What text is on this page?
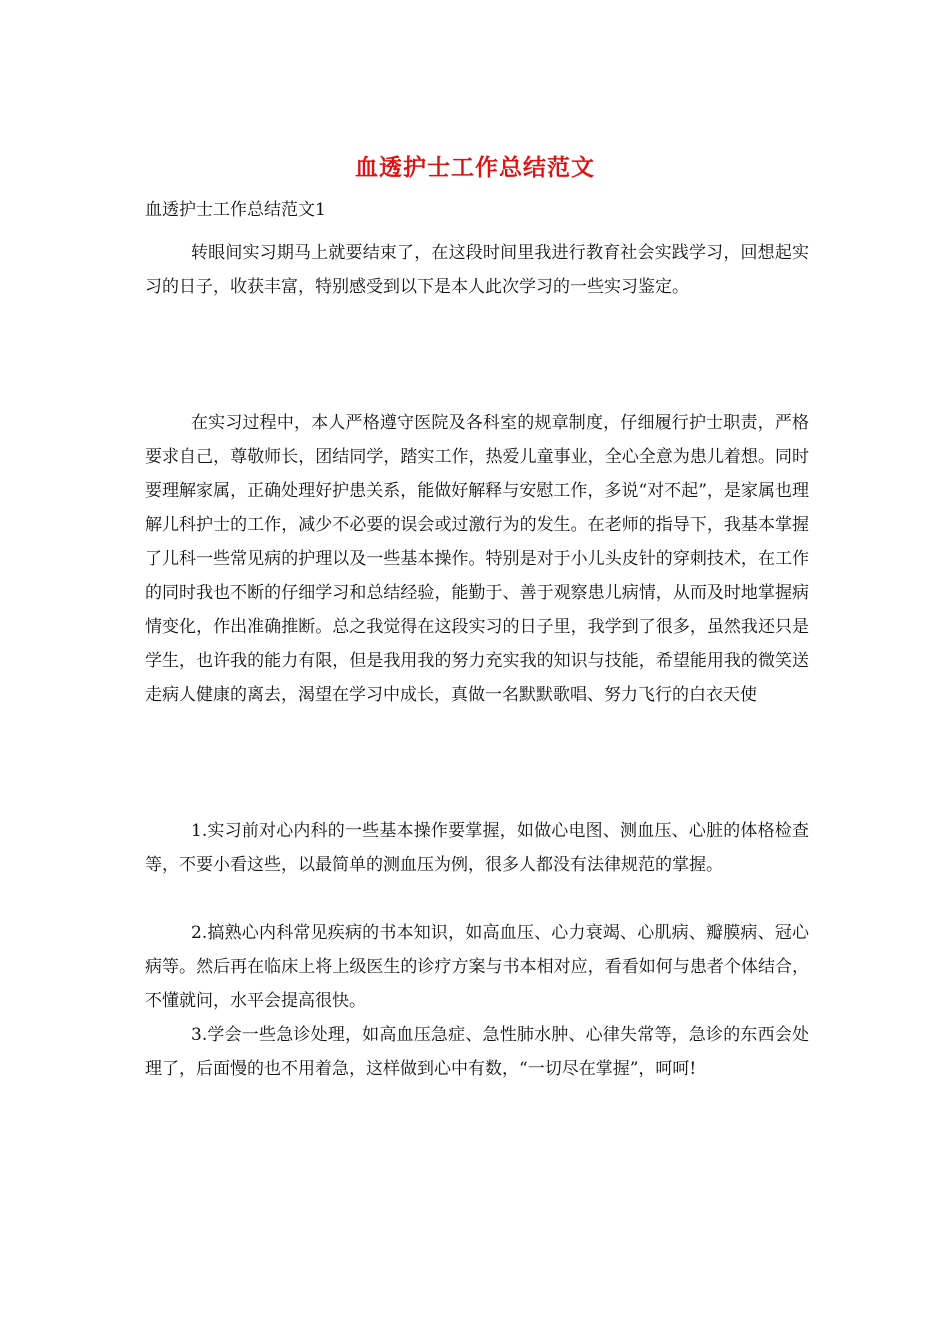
血透护士工作总结范文
血透护士工作总结范文1

转眼间实习期马上就要结束了，在这段时间里我进行教育社会实践学习，回想起实习的日子，收获丰富，特别感受到以下是本人此次学习的一些实习鉴定。

在实习过程中，本人严格遵守医院及各科室的规章制度，仔细履行护士职责，严格要求自己，尊敬师长，团结同学，踏实工作，热爱儿童事业，全心全意为患儿着想。同时要理解家属，正确处理好护患关系，能做好解释与安慰工作，多说“对不起”，是家属也理解儿科护士的工作，减少不必要的误会或过激行为的发生。在老师的指导下，我基本掌握了儿科一些常见病的护理以及一些基本操作。特别是对于小儿头皮针的穿刺技术，在工作的同时我也不断的仔细学习和总结经验，能勤于、善于观察患儿病情，从而及时地掌握病情变化，作出准确推断。总之我觉得在这段实习的日子里，我学到了很多，虽然我还只是学生，也许我的能力有限，但是我用我的努力充实我的知识与技能，希望能用我的微笑送走病人健康的离去，渴望在学习中成长，真做一名默默歌唱、努力飞行的白衣天使

1.实习前对心内科的一些基本操作要掌握，如做心电图、测血压、心脏的体格检查等，不要小看这些，以最简单的测血压为例，很多人都没有法律规范的掌握。

2.搞熟心内科常见疾病的书本知识，如高血压、心力衰竭、心肌病、瓣膜病、冠心病等。然后再在临床上将上级医生的诊疗方案与书本相对应，看看如何与患者个体结合，不懂就问，水平会提高很快。

3.学会一些急诊处理，如高血压急症、急性肺水肿、心律失常等，急诊的东西会处理了，后面慢的也不用着急，这样做到心中有数，“一切尽在掌握”，呵呵!
